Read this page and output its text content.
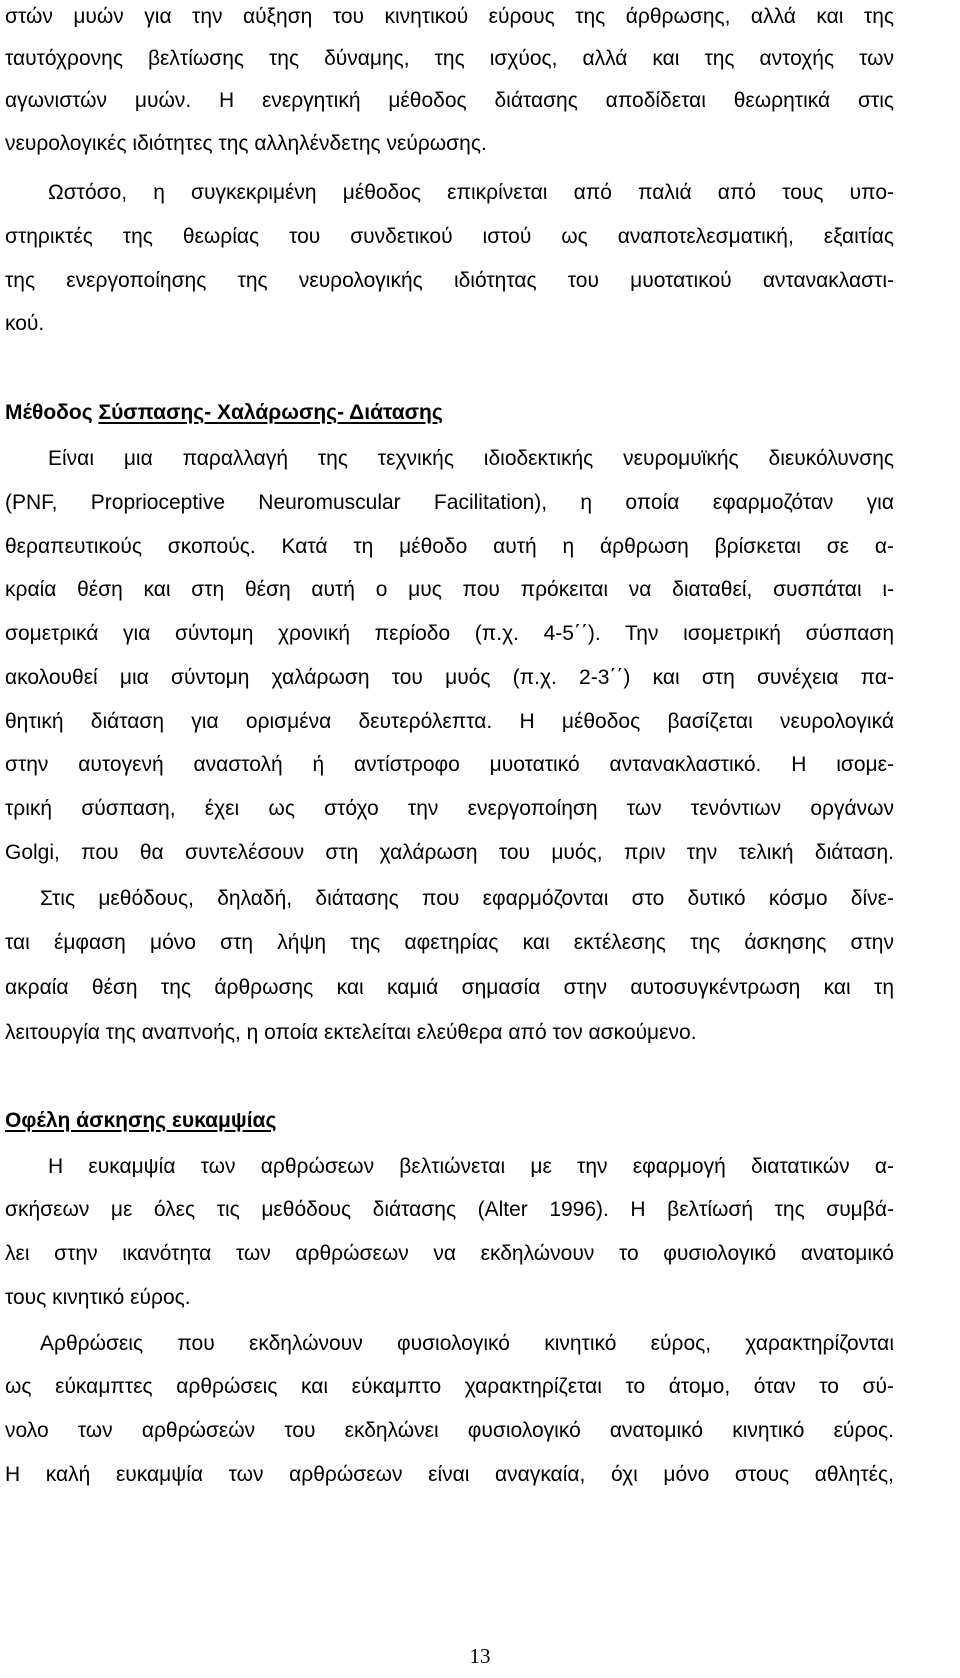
στών μυών για την αύξηση του κινητικού εύρους της άρθρωσης, αλλά και της
ταυτόχρονης βελτίωσης της δύναμης, της ισχύος, αλλά και της αντοχής των
αγωνιστών μυών. Η ενεργητική μέθοδος διάτασης αποδίδεται θεωρητικά στις
νευρολογικές ιδιότητες της αλληλένδετης νεύρωσης.
Ωστόσο, η συγκεκριμένη μέθοδος επικρίνεται από παλιά από τους υπο-
στηρικτές της θεωρίας του συνδετικού ιστού ως αναποτελεσματική, εξαιτίας
της ενεργοποίησης της νευρολογικής ιδιότητας του μυοτατικού αντανακλαστι-
κού.
Μέθοδος Σύσπασης- Χαλάρωσης- Διάτασης
Είναι μια παραλλαγή της τεχνικής ιδιοδεκτικής νευρομυϊκής διευκόλυνσης
(PNF, Proprioceptive Neuromuscular Facilitation), η οποία εφαρμοζόταν για
θεραπευτικούς σκοπούς. Κατά τη μέθοδο αυτή η άρθρωση βρίσκεται σε α-
κραία θέση και στη θέση αυτή ο μυς που πρόκειται να διαταθεί, συσπάται ι-
σομετρικά για σύντομη χρονική περίοδο (π.χ. 4-5΄΄). Την ισομετρική σύσπαση
ακολουθεί μια σύντομη χαλάρωση του μυός (π.χ. 2-3΄΄) και στη συνέχεια πα-
θητική διάταση για ορισμένα δευτερόλεπτα. Η μέθοδος βασίζεται νευρολογικά
στην αυτογενή αναστολή ή αντίστροφο μυοτατικό αντανακλαστικό. Η ισομε-
τρική σύσπαση, έχει ως στόχο την ενεργοποίηση των τενόντιων οργάνων
Golgi, που θα συντελέσουν στη χαλάρωση του μυός, πριν την τελική διάταση.
Στις μεθόδους, δηλαδή, διάτασης που εφαρμόζονται στο δυτικό κόσμο δίνε-
ται έμφαση μόνο στη λήψη της αφετηρίας και εκτέλεσης της άσκησης στην
ακραία θέση της άρθρωσης και καμιά σημασία στην αυτοσυγκέντρωση και τη
λειτουργία της αναπνοής, η οποία εκτελείται ελεύθερα από τον ασκούμενο.
Οφέλη άσκησης ευκαμψίας
Η ευκαμψία των αρθρώσεων βελτιώνεται με την εφαρμογή διατατικών α-
σκήσεων με όλες τις μεθόδους διάτασης (Alter 1996). Η βελτίωσή της συμβά-
λει στην ικανότητα των αρθρώσεων να εκδηλώνουν το φυσιολογικό ανατομικό
τους κινητικό εύρος.
Αρθρώσεις που εκδηλώνουν φυσιολογικό κινητικό εύρος, χαρακτηρίζονται
ως εύκαμπτες αρθρώσεις και εύκαμπτο χαρακτηρίζεται το άτομο, όταν το σύ-
νολο των αρθρώσεών του εκδηλώνει φυσιολογικό ανατομικό κινητικό εύρος.
Η καλή ευκαμψία των αρθρώσεων είναι αναγκαία, όχι μόνο στους αθλητές,
13
